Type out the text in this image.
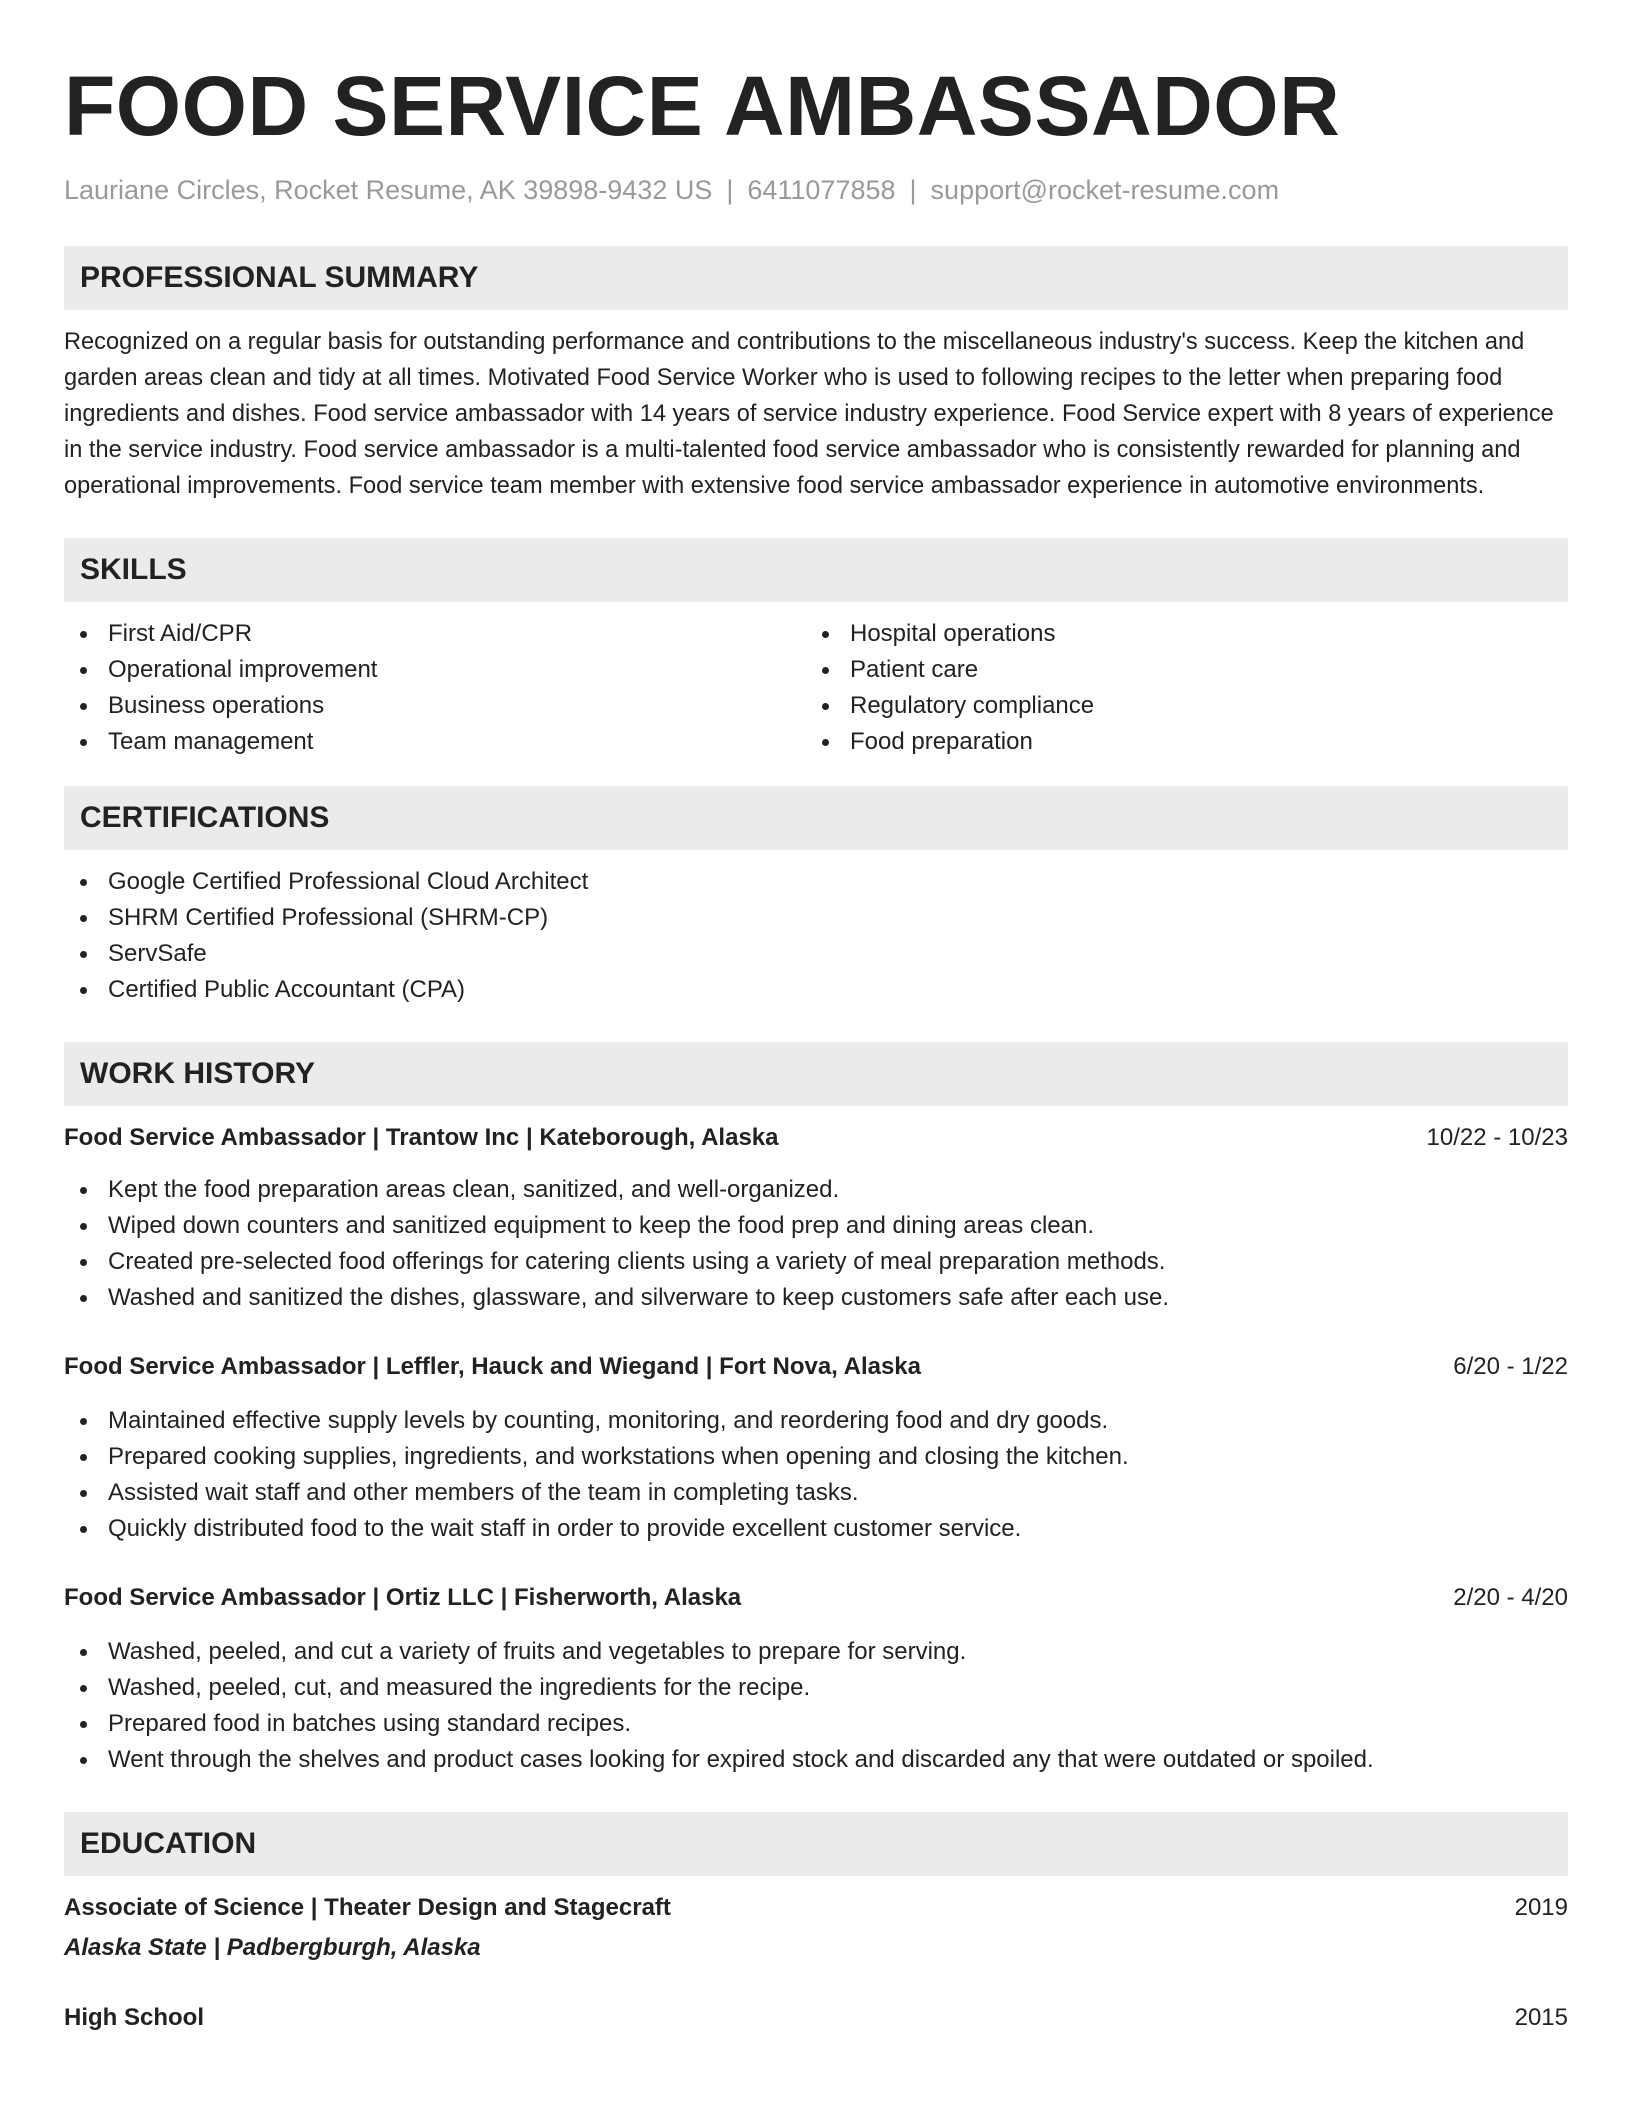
FOOD SERVICE AMBASSADOR
Lauriane Circles, Rocket Resume, AK 39898-9432 US | 6411077858 | support@rocket-resume.com
PROFESSIONAL SUMMARY
Recognized on a regular basis for outstanding performance and contributions to the miscellaneous industry's success. Keep the kitchen and garden areas clean and tidy at all times. Motivated Food Service Worker who is used to following recipes to the letter when preparing food ingredients and dishes. Food service ambassador with 14 years of service industry experience. Food Service expert with 8 years of experience in the service industry. Food service ambassador is a multi-talented food service ambassador who is consistently rewarded for planning and operational improvements. Food service team member with extensive food service ambassador experience in automotive environments.
SKILLS
First Aid/CPR
Operational improvement
Business operations
Team management
Hospital operations
Patient care
Regulatory compliance
Food preparation
CERTIFICATIONS
Google Certified Professional Cloud Architect
SHRM Certified Professional (SHRM-CP)
ServSafe
Certified Public Accountant (CPA)
WORK HISTORY
Food Service Ambassador | Trantow Inc | Kateborough, Alaska	10/22 - 10/23
Kept the food preparation areas clean, sanitized, and well-organized.
Wiped down counters and sanitized equipment to keep the food prep and dining areas clean.
Created pre-selected food offerings for catering clients using a variety of meal preparation methods.
Washed and sanitized the dishes, glassware, and silverware to keep customers safe after each use.
Food Service Ambassador | Leffler, Hauck and Wiegand | Fort Nova, Alaska	6/20 - 1/22
Maintained effective supply levels by counting, monitoring, and reordering food and dry goods.
Prepared cooking supplies, ingredients, and workstations when opening and closing the kitchen.
Assisted wait staff and other members of the team in completing tasks.
Quickly distributed food to the wait staff in order to provide excellent customer service.
Food Service Ambassador | Ortiz LLC | Fisherworth, Alaska	2/20 - 4/20
Washed, peeled, and cut a variety of fruits and vegetables to prepare for serving.
Washed, peeled, cut, and measured the ingredients for the recipe.
Prepared food in batches using standard recipes.
Went through the shelves and product cases looking for expired stock and discarded any that were outdated or spoiled.
EDUCATION
Associate of Science | Theater Design and Stagecraft	2019
Alaska State | Padbergburgh, Alaska
High School	2015
